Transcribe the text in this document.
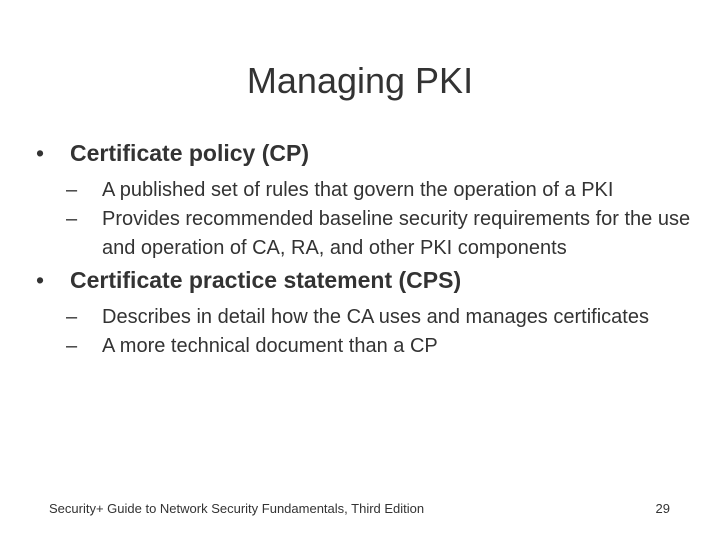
Managing PKI
• Certificate policy (CP)
– A published set of rules that govern the operation of a PKI
– Provides recommended baseline security requirements for the use and operation of CA, RA, and other PKI components
• Certificate practice statement (CPS)
– Describes in detail how the CA uses and manages certificates
– A more technical document than a CP
Security+ Guide to Network Security Fundamentals, Third Edition	29
